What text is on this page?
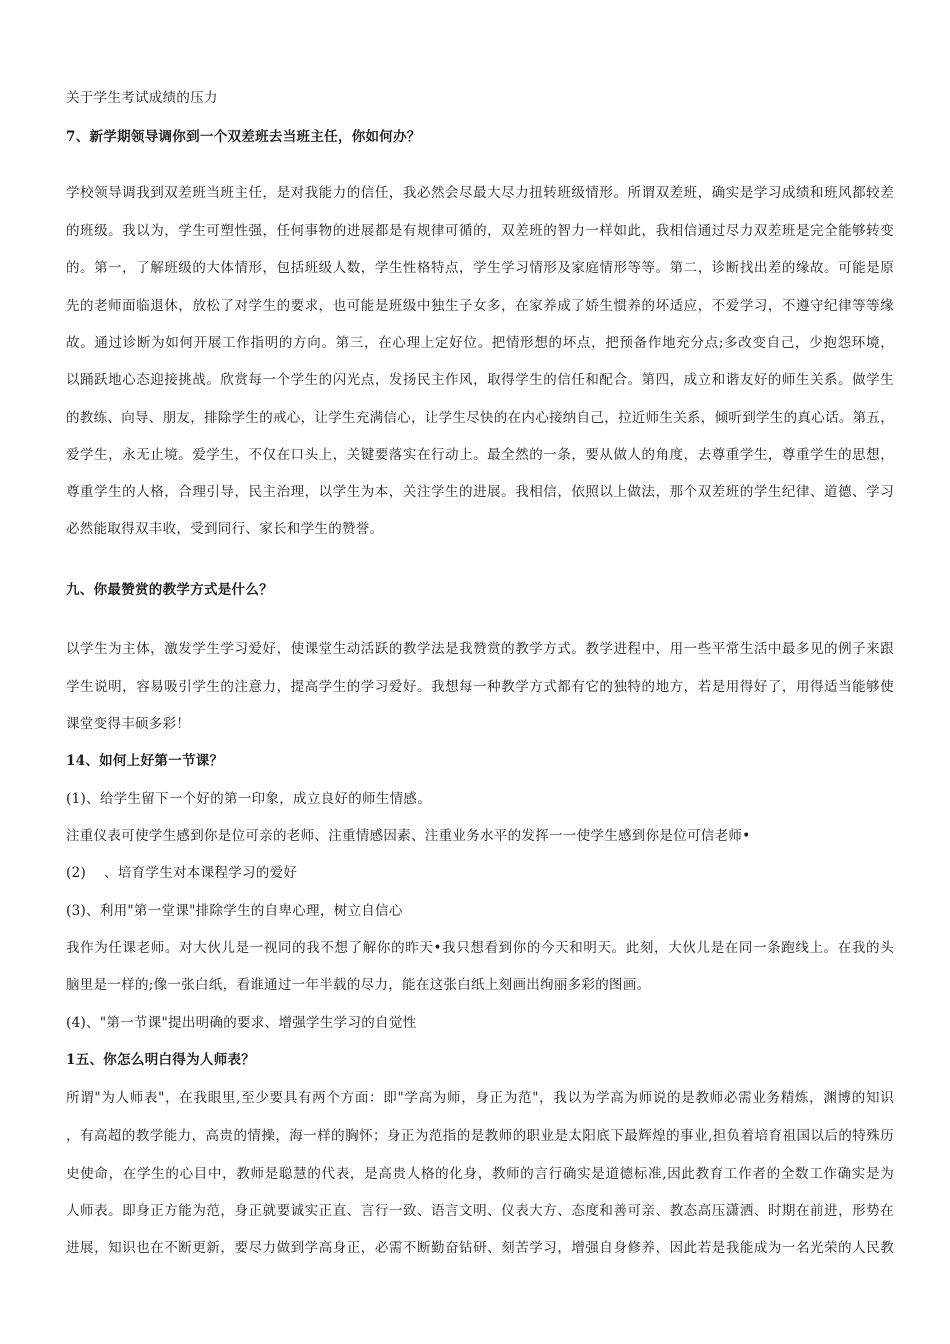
关于学生考试成绩的压力
7、新学期领导调你到一个双差班去当班主任，你如何办？
学校领导调我到双差班当班主任，是对我能力的信任，我必然会尽最大尽力扭转班级情形。所谓双差班，确实是学习成绩和班风都较差
的班级。我以为，学生可塑性强，任何事物的进展都是有规律可循的，双差班的智力一样如此，我相信通过尽力双差班是完全能够转变
的。第一，了解班级的大体情形，包括班级人数，学生性格特点，学生学习情形及家庭情形等等。第二，诊断找出差的缘故。可能是原
先的老师面临退休，放松了对学生的要求，也可能是班级中独生子女多，在家养成了娇生惯养的坏适应，不爱学习，不遵守纪律等等缘
故。通过诊断为如何开展工作指明的方向。第三，在心理上定好位。把情形想的坏点，把预备作地充分点;多改变自己，少抱怨环境，
以踊跃地心态迎接挑战。欣赏每一个学生的闪光点，发扬民主作风，取得学生的信任和配合。第四，成立和谐友好的师生关系。做学生
的教练、向导、朋友，排除学生的戒心，让学生充满信心，让学生尽快的在内心接纳自己，拉近师生关系，倾听到学生的真心话。第五，
爱学生，永无止境。爱学生，不仅在口头上，关键要落实在行动上。最全然的一条，要从做人的角度，去尊重学生，尊重学生的思想，
尊重学生的人格，合理引导，民主治理，以学生为本，关注学生的进展。我相信，依照以上做法，那个双差班的学生纪律、道德、学习
必然能取得双丰收，受到同行、家长和学生的赞誉。
九、你最赞赏的教学方式是什么？
以学生为主体，激发学生学习爱好，使课堂生动活跃的教学法是我赞赏的教学方式。教学进程中，用一些平常生活中最多见的例子来跟
学生说明，容易吸引学生的注意力，提高学生的学习爱好。我想每一种教学方式都有它的独特的地方，若是用得好了，用得适当能够使
课堂变得丰硕多彩！
14、如何上好第一节课？
(1)、给学生留下一个好的第一印象，成立良好的师生情感。
注重仪表可使学生感到你是位可亲的老师、注重情感因素、注重业务水平的发挥一一使学生感到你是位可信老师•
(2) 、培育学生对本课程学习的爱好
(3)、利用"第一堂课"排除学生的自卑心理，树立自信心
我作为任课老师。对大伙儿是一视同的我不想了解你的昨天•我只想看到你的今天和明天。此刻，大伙儿是在同一条跑线上。在我的头
脑里是一样的;像一张白纸，看谁通过一年半载的尽力，能在这张白纸上刻画出绚丽多彩的图画。
(4)、"第一节课"提出明确的要求、增强学生学习的自觉性
1五、你怎么明白得为人师表？
所谓"为人师表"，在我眼里,至少要具有两个方面：即"学高为师，身正为范"，我以为学高为师说的是教师必需业务精炼，渊博的知识
，有高超的教学能力，高贵的情操，海一样的胸怀；身正为范指的是教师的职业是太阳底下最辉煌的事业,担负着培育祖国以后的特殊历
史使命，在学生的心目中，教师是聪慧的代表，是高贵人格的化身，教师的言行确实是道德标准,因此教育工作者的全数工作确实是为
人师表。即身正方能为范，身正就要诚实正直、言行一致、语言文明、仪表大方、态度和善可亲、教态高压潇洒、时期在前进，形势在
进展，知识也在不断更新，要尽力做到学高身正，必需不断勤奋钻研、刻苦学习，增强自身修养，因此若是我能成为一名光荣的人民教
